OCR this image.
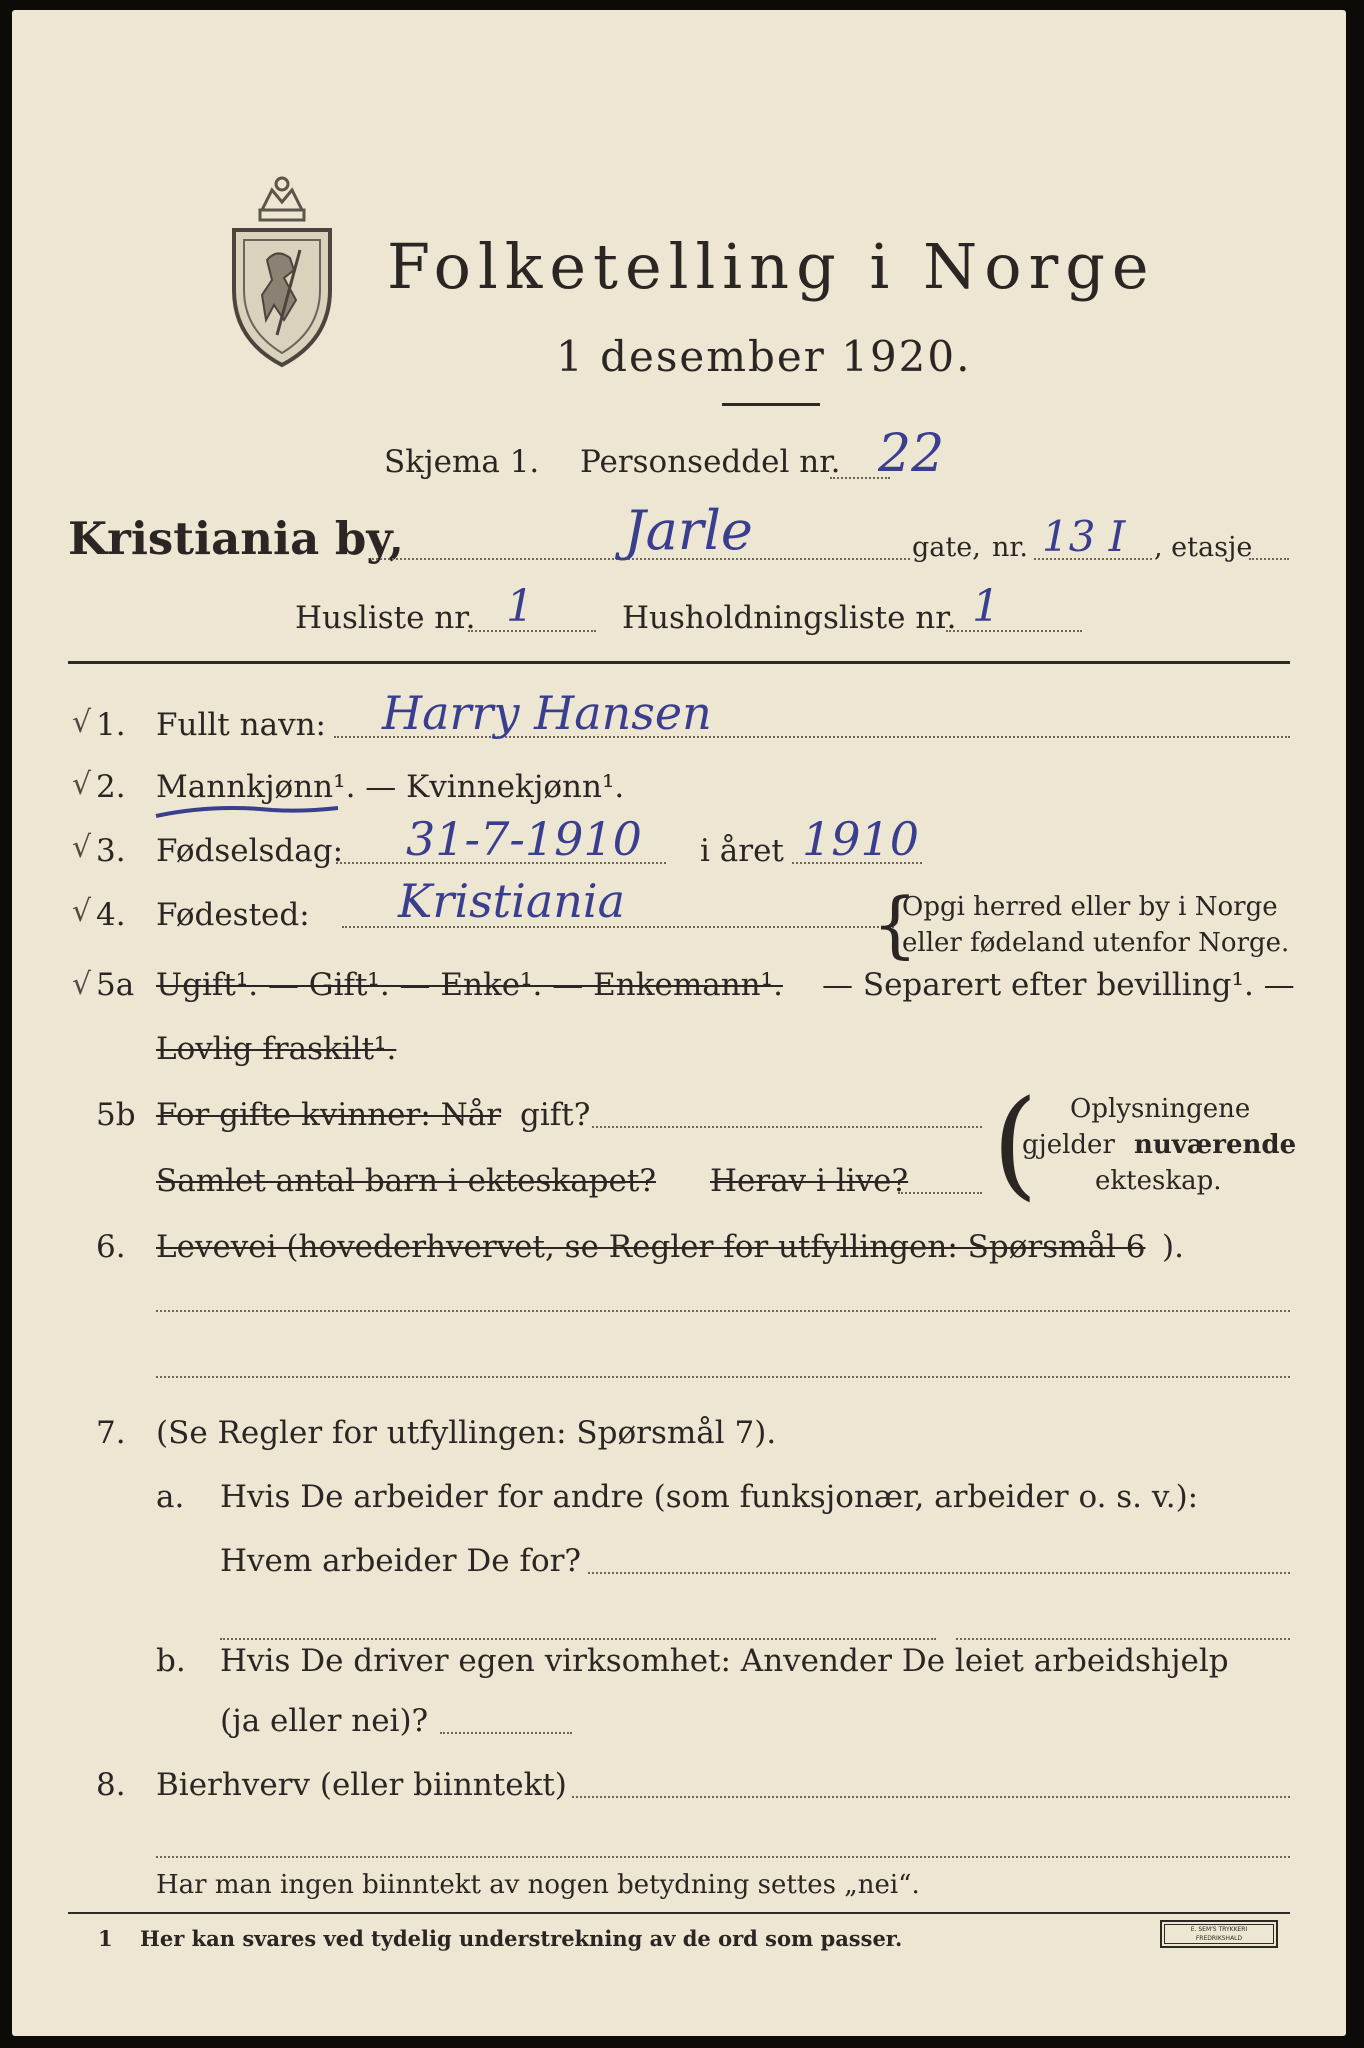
Folketelling i Norge
1 desember 1920.
Skjema 1. Personseddel nr. 22
Kristiania by,	Jarle	gate, nr. 13 I , etasje
Husliste nr. 1	Husholdningsliste nr. 1
√
√
√
√
√
1. Fullt navn: Harry Hansen
2. Mannkjønn¹. — Kvinnekjønn¹.
3. Fødselsdag: 31-7-1910 i året 1910
4. Fødested: Kristiania	{
Opgi herred eller by i Norge
eller fødeland utenfor Norge.
5a Ugift¹. — Gift¹. — Enke¹. — Enkemann¹. — Separert efter bevilling¹. —
Lovlig fraskilt¹.
5b For gifte kvinner: Når gift?
Samlet antal barn i ekteskapet? Herav i live? ( Oplysningene
gjelder nuværende
ekteskap.
6. Levevei (hovederhvervet, se Regler for utfyllingen: Spørsmål 6 ).
7. (Se Regler for utfyllingen: Spørsmål 7).
a. Hvis De arbeider for andre (som funksjonær, arbeider o. s. v.):
Hvem arbeider De for?
b. Hvis De driver egen virksomhet: Anvender De leiet arbeidshjelp
(ja eller nei)?
8. Bierhverv (eller biinntekt)
Har man ingen biinntekt av nogen betydning settes „nei“.
1 Her kan svares ved tydelig understrekning av de ord som passer.	E. SEM'S TRYKKERI
FREDRIKSHALD
